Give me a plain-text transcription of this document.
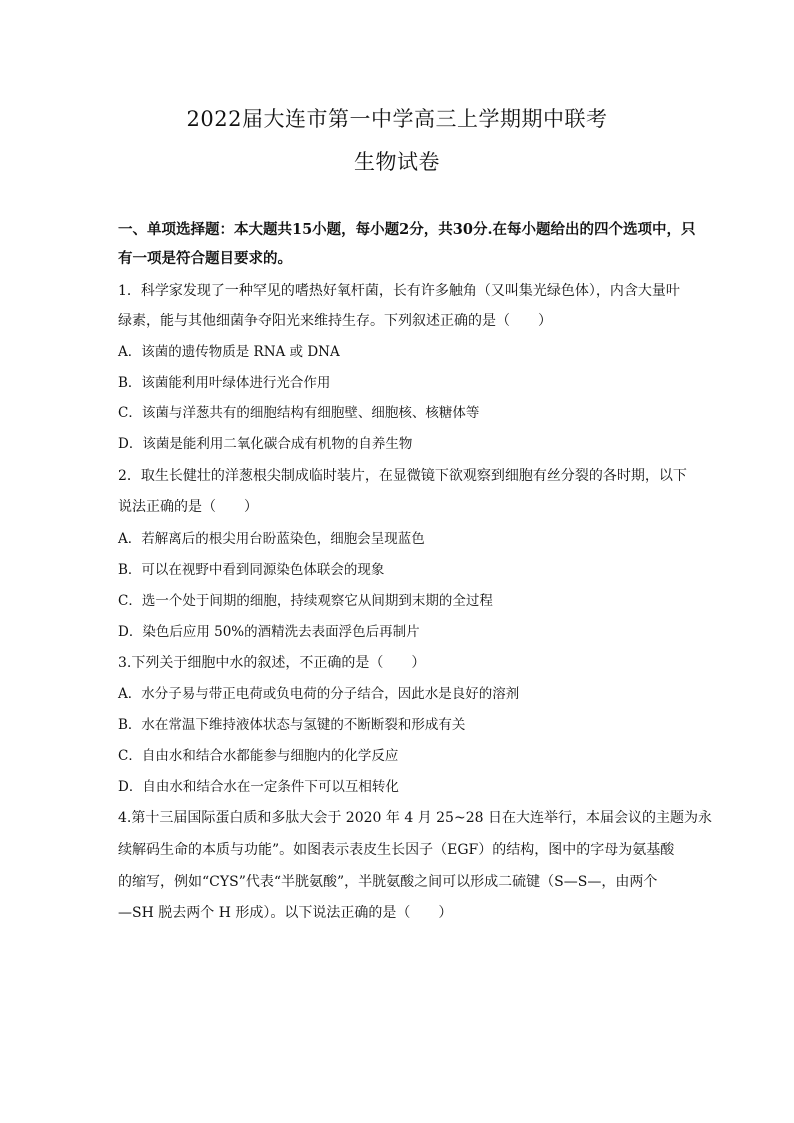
2022届大连市第一中学高三上学期期中联考
生物试卷
一、单项选择题：本大题共15小题，每小题2分，共30分.在每小题给出的四个选项中，只
有一项是符合题目要求的。
1．科学家发现了一种罕见的嗜热好氧杆菌，长有许多触角（又叫集光绿色体），内含大量叶
绿素，能与其他细菌争夺阳光来维持生存。下列叙述正确的是（　　）
A．该菌的遗传物质是 RNA 或 DNA
B．该菌能利用叶绿体进行光合作用
C．该菌与洋葱共有的细胞结构有细胞壁、细胞核、核糖体等
D．该菌是能利用二氧化碳合成有机物的自养生物
2．取生长健壮的洋葱根尖制成临时装片，在显微镜下欲观察到细胞有丝分裂的各时期，以下
说法正确的是（　　）
A．若解离后的根尖用台盼蓝染色，细胞会呈现蓝色
B．可以在视野中看到同源染色体联会的现象
C．选一个处于间期的细胞，持续观察它从间期到末期的全过程
D．染色后应用 50%的酒精洗去表面浮色后再制片
3.下列关于细胞中水的叙述，不正确的是（　　）
A．水分子易与带正电荷或负电荷的分子结合，因此水是良好的溶剂
B．水在常温下维持液体状态与氢键的不断断裂和形成有关
C．自由水和结合水都能参与细胞内的化学反应
D．自由水和结合水在一定条件下可以互相转化
4.第十三届国际蛋白质和多肽大会于 2020 年 4 月 25~28 日在大连举行，本届会议的主题为永
续解码生命的本质与功能”。如图表示表皮生长因子（EGF）的结构，图中的字母为氨基酸
的缩写，例如“CYS”代表“半胱氨酸”，半胱氨酸之间可以形成二硫键（S—S—，由两个
—SH 脱去两个 H 形成）。以下说法正确的是（　　）
